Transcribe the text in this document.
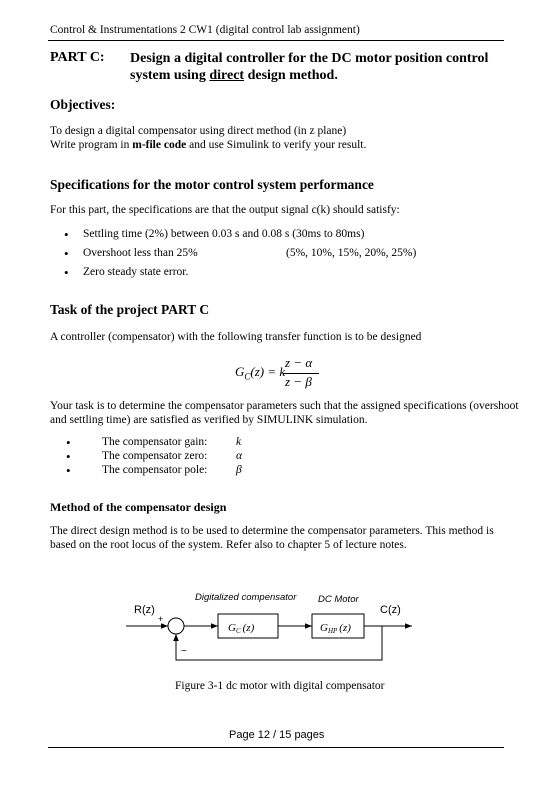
Control & Instrumentations 2 CW1 (digital control lab assignment)
PART C: Design a digital controller for the DC motor position control
system using direct design method.
Objectives:
To design a digital compensator using direct method (in z plane)
Write program in m-file code and use Simulink to verify your result.
Specifications for the motor control system performance
For this part, the specifications are that the output signal c(k) should satisfy:
• Settling time (2%) between 0.03 s and 0.08 s (30ms to 80ms)
• Overshoot less than 25%	(5%, 10%, 15%, 20%, 25%)
• Zero steady state error.
Task of the project PART C
A controller (compensator) with the following transfer function is to be designed
$G_C(z) = k$
z − α
z − β
Your task is to determine the compensator parameters such that the assigned specifications (overshoot
and settling time) are satisfied as verified by SIMULINK simulation.
•	The compensator gain: k
•	The compensator zero: α
•	The compensator pole: β
Method of the compensator design
The direct design method is to be used to determine the compensator parameters. This method is
based on the root locus of the system. Refer also to chapter 5 of lecture notes.
R(z)	C(z)
Digitalized compensator DC Motor
+
GC (z)	GHP (z)
−
Figure 3-1 dc motor with digital compensator
Page 12 / 15 pages
